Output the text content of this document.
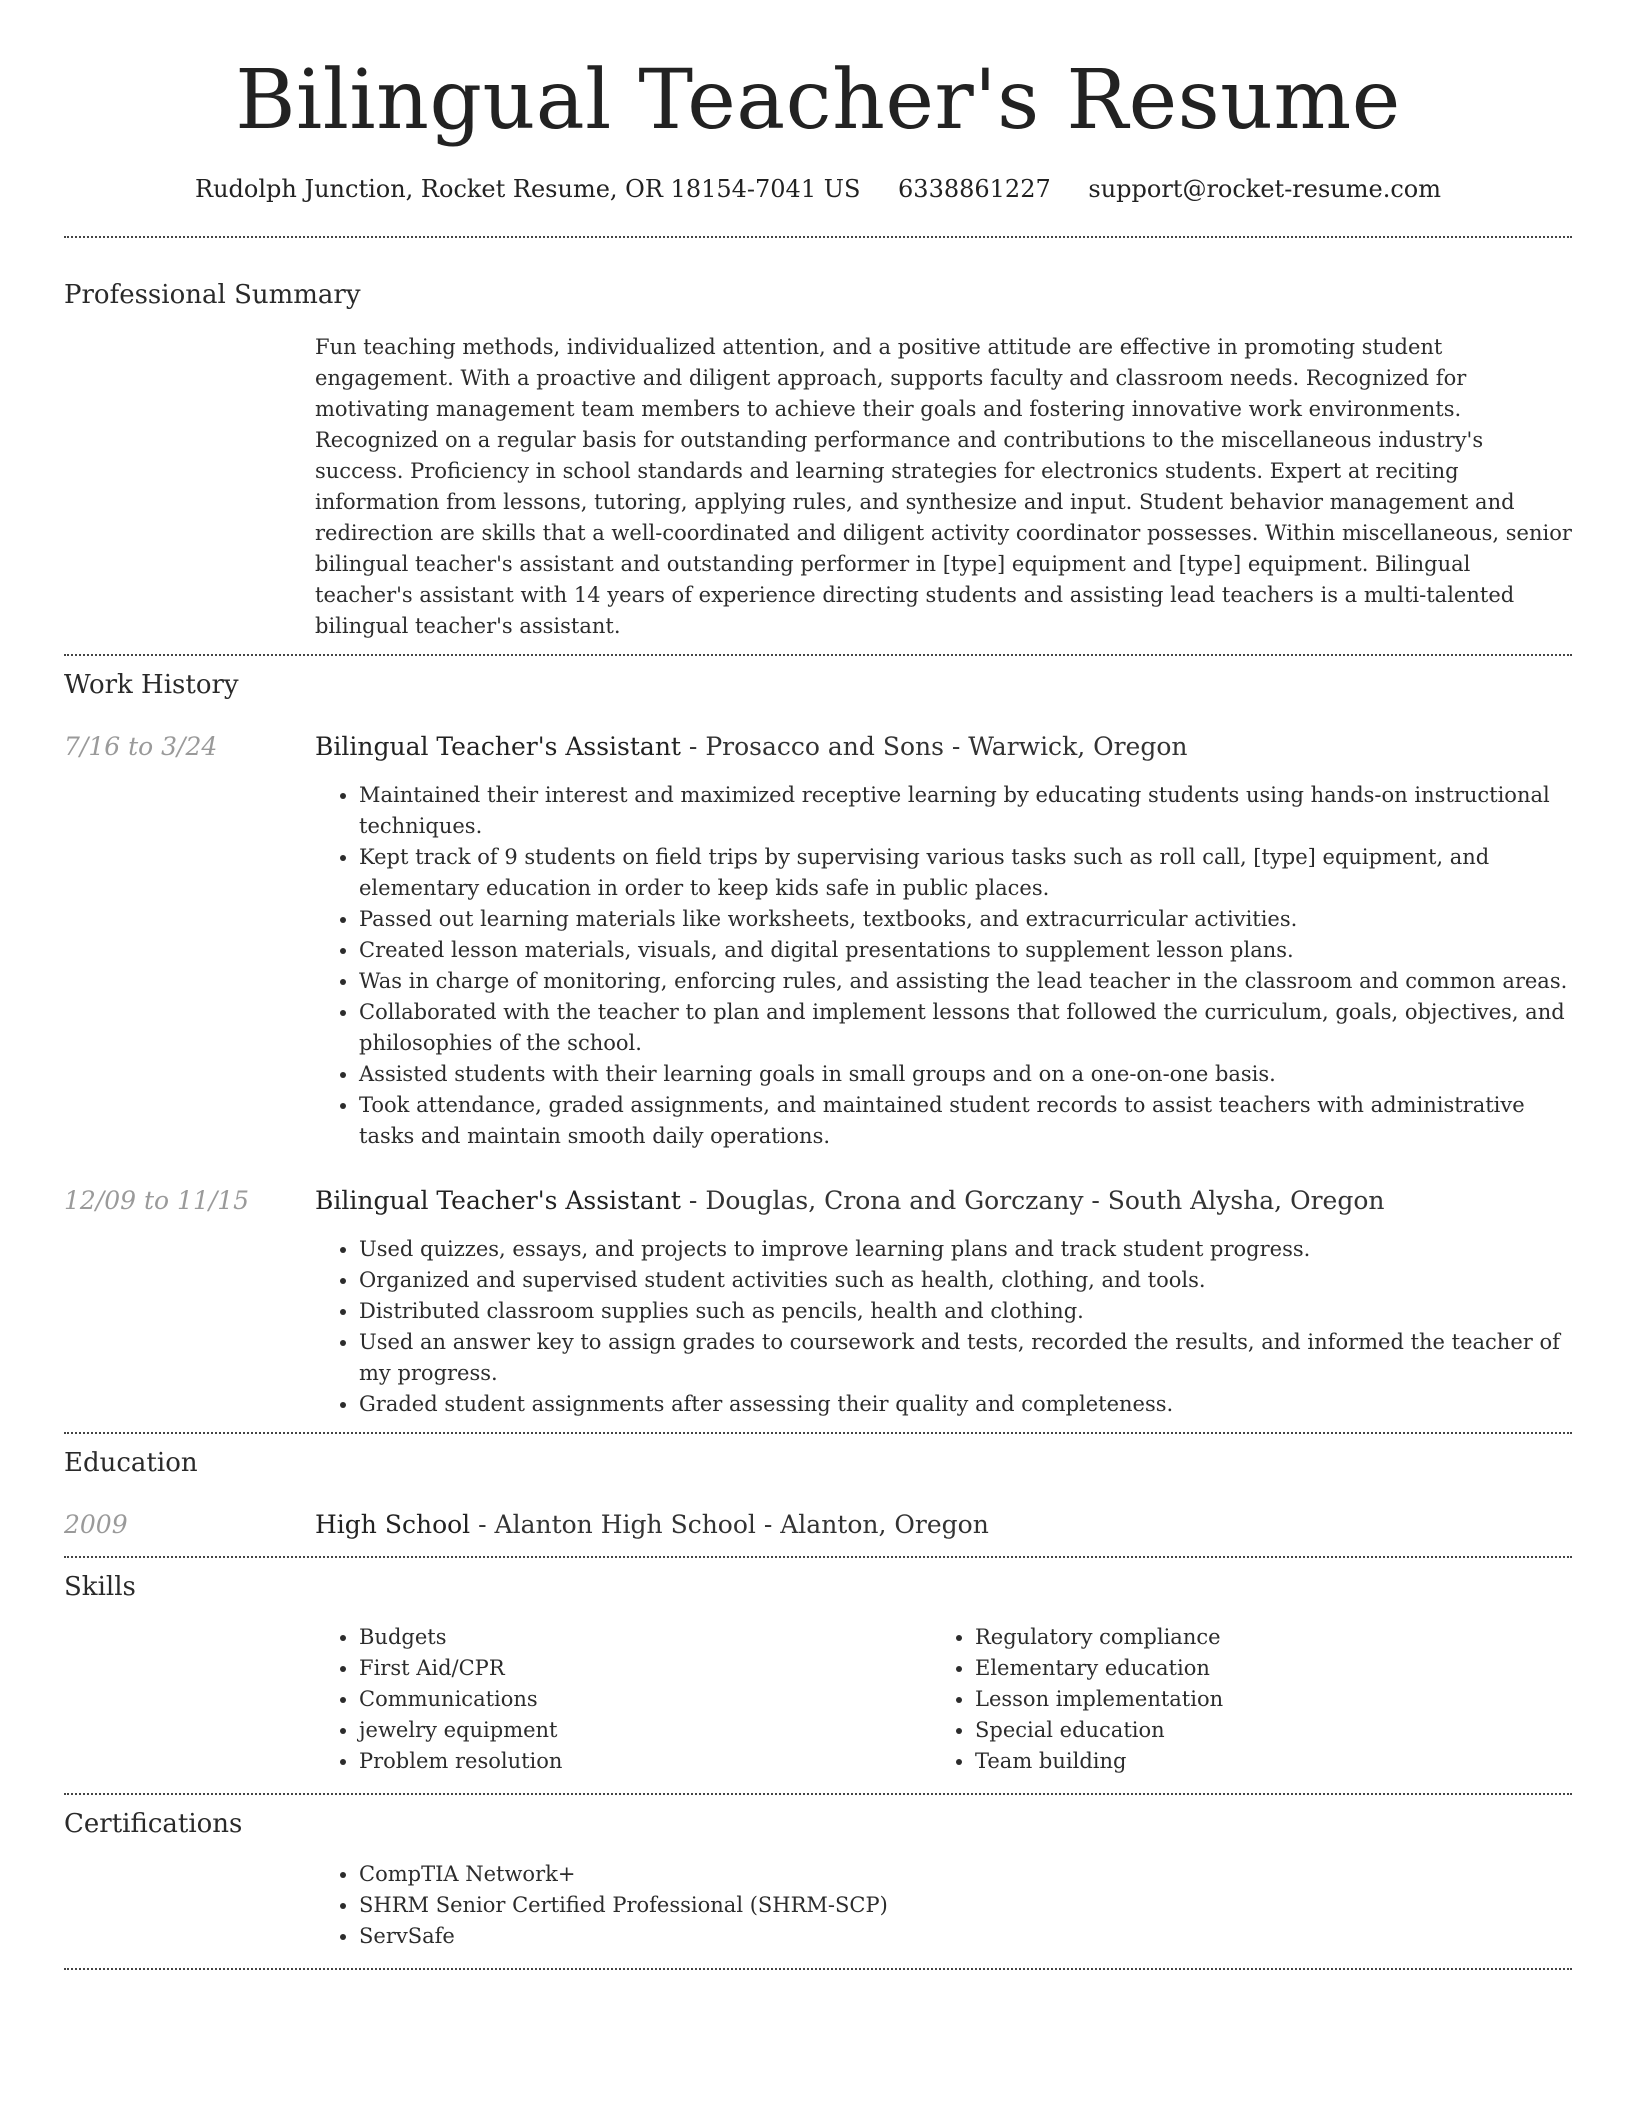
Bilingual Teacher's Resume
Rudolph Junction, Rocket Resume, OR 18154-7041 US 6338861227 support@rocket-resume.com
Professional Summary
Fun teaching methods, individualized attention, and a positive attitude are effective in promoting student engagement. With a proactive and diligent approach, supports faculty and classroom needs. Recognized for motivating management team members to achieve their goals and fostering innovative work environments. Recognized on a regular basis for outstanding performance and contributions to the miscellaneous industry's success. Proficiency in school standards and learning strategies for electronics students. Expert at reciting information from lessons, tutoring, applying rules, and synthesize and input. Student behavior management and redirection are skills that a well-coordinated and diligent activity coordinator possesses. Within miscellaneous, senior bilingual teacher's assistant and outstanding performer in [type] equipment and [type] equipment. Bilingual teacher's assistant with 14 years of experience directing students and assisting lead teachers is a multi-talented bilingual teacher's assistant.
Work History
7/16 to 3/24	Bilingual Teacher's Assistant - Prosacco and Sons - Warwick, Oregon
• Maintained their interest and maximized receptive learning by educating students using hands-on instructional techniques.
• Kept track of 9 students on field trips by supervising various tasks such as roll call, [type] equipment, and elementary education in order to keep kids safe in public places.
• Passed out learning materials like worksheets, textbooks, and extracurricular activities.
• Created lesson materials, visuals, and digital presentations to supplement lesson plans.
• Was in charge of monitoring, enforcing rules, and assisting the lead teacher in the classroom and common areas.
• Collaborated with the teacher to plan and implement lessons that followed the curriculum, goals, objectives, and philosophies of the school.
• Assisted students with their learning goals in small groups and on a one-on-one basis.
• Took attendance, graded assignments, and maintained student records to assist teachers with administrative tasks and maintain smooth daily operations.
12/09 to 11/15	Bilingual Teacher's Assistant - Douglas, Crona and Gorczany - South Alysha, Oregon
• Used quizzes, essays, and projects to improve learning plans and track student progress.
• Organized and supervised student activities such as health, clothing, and tools.
• Distributed classroom supplies such as pencils, health and clothing.
• Used an answer key to assign grades to coursework and tests, recorded the results, and informed the teacher of my progress.
• Graded student assignments after assessing their quality and completeness.
Education
2009	High School - Alanton High School - Alanton, Oregon
Skills
• Budgets
• First Aid/CPR
• Communications
• jewelry equipment
• Problem resolution
• Regulatory compliance
• Elementary education
• Lesson implementation
• Special education
• Team building
Certifications
• CompTIA Network+
• SHRM Senior Certified Professional (SHRM-SCP)
• ServSafe
